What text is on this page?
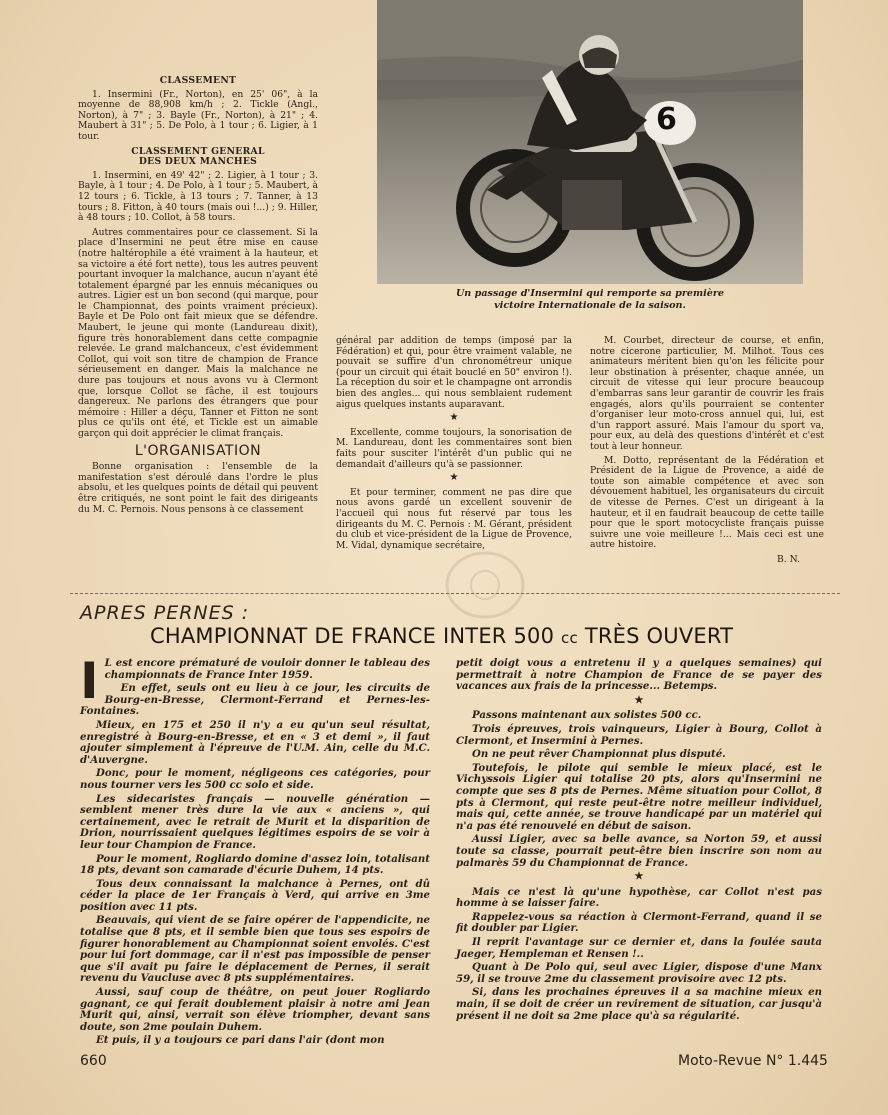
CLASSEMENT

1. Insermini (Fr., Norton), en 25' 06", à la moyenne de 88,908 km/h ; 2. Tickle (Angl., Norton), à 7" ; 3. Bayle (Fr., Norton), à 21" ; 4. Maubert à 31" ; 5. De Polo, à 1 tour ; 6. Ligier, à 1 tour.

CLASSEMENT GENERAL
DES DEUX MANCHES

1. Insermini, en 49' 42" ; 2. Ligier, à 1 tour ; 3. Bayle, à 1 tour ; 4. De Polo, à 1 tour ; 5. Maubert, à 12 tours ; 6. Tickle, à 13 tours ; 7. Tanner, à 13 tours ; 8. Fitton, à 40 tours (mais oui !...) ; 9. Hiller, à 48 tours ; 10. Collot, à 58 tours.

Autres commentaires pour ce classement. Si la place d'Insermini ne peut être mise en cause (notre haltérophile a été vraiment à la hauteur, et sa victoire a été fort nette), tous les autres peuvent pourtant invoquer la malchance, aucun n'ayant été totalement épargné par les ennuis mécaniques ou autres. Ligier est un bon second (qui marque, pour le Championnat, des points vraiment précieux). Bayle et De Polo ont fait mieux que se défendre. Maubert, le jeune qui monte (Landureau dixit), figure très honorablement dans cette compagnie relevée. Le grand malchanceux, c'est évidemment Collot, qui voit son titre de champion de France sérieusement en danger. Mais la malchance ne dure pas toujours et nous avons vu à Clermont que, lorsque Collot se fâche, il est toujours dangereux. Ne parlons des étrangers que pour mémoire : Hiller a déçu, Tanner et Fitton ne sont plus ce qu'ils ont été, et Tickle est un aimable garçon qui doit apprécier le climat français.

L'ORGANISATION

Bonne organisation : l'ensemble de la manifestation s'est déroulé dans l'ordre le plus absolu, et les quelques points de détail qui peuvent être critiqués, ne sont point le fait des dirigeants du M. C. Pernois. Nous pensons à ce classement

6
Un passage d'Insermini qui remporte sa première victoire Internationale de la saison.

général par addition de temps (imposé par la Fédération) et qui, pour être vraiment valable, ne pouvait se suffire d'un chronométreur unique (pour un circuit qui était bouclé en 50" environ !). La réception du soir et le champagne ont arrondis bien des angles... qui nous semblaient rudement aigus quelques instants auparavant.

★

Excellente, comme toujours, la sonorisation de M. Landureau, dont les commentaires sont bien faits pour susciter l'intérêt d'un public qui ne demandait d'ailleurs qu'à se passionner.

★

Et pour terminer, comment ne pas dire que nous avons gardé un excellent souvenir de l'accueil qui nous fut réservé par tous les dirigeants du M. C. Pernois : M. Gérant, président du club et vice-président de la Ligue de Provence, M. Vidal, dynamique secrétaire,

M. Courbet, directeur de course, et enfin, notre cicerone particulier, M. Milhot. Tous ces animateurs méritent bien qu'on les félicite pour leur obstination à présenter, chaque année, un circuit de vitesse qui leur procure beaucoup d'embarras sans leur garantir de couvrir les frais engagés, alors qu'ils pourraient se contenter d'organiser leur moto-cross annuel qui, lui, est d'un rapport assuré. Mais l'amour du sport va, pour eux, au delà des questions d'intérêt et c'est tout à leur honneur.

M. Dotto, représentant de la Fédération et Président de la Ligue de Provence, a aidé de toute son aimable compétence et avec son dévouement habituel, les organisateurs du circuit de vitesse de Pernes. C'est un dirigeant à la hauteur, et il en faudrait beaucoup de cette taille pour que le sport motocycliste français puisse suivre une voie meilleure !... Mais ceci est une autre histoire.

B. N.
APRES PERNES :
CHAMPIONNAT DE FRANCE INTER 500 cc TRÈS OUVERT
I L est encore prématuré de vouloir donner le tableau des championnats de France Inter 1959.

En effet, seuls ont eu lieu à ce jour, les circuits de Bourg-en-Bresse, Clermont-Ferrand et Pernes-les-Fontaines.

Mieux, en 175 et 250 il n'y a eu qu'un seul résultat, enregistré à Bourg-en-Bresse, et en « 3 et demi », il faut ajouter simplement à l'épreuve de l'U.M. Ain, celle du M.C. d'Auvergne.

Donc, pour le moment, négligeons ces catégories, pour nous tourner vers les 500 cc solo et side.

Les sidecaristes français — nouvelle génération — semblent mener très dure la vie aux « anciens », qui certainement, avec le retrait de Murit et la disparition de Drion, nourrissaient quelques légitimes espoirs de se voir à leur tour Champion de France.

Pour le moment, Rogliardo domine d'assez loin, totalisant 18 pts, devant son camarade d'écurie Duhem, 14 pts.

Tous deux connaissant la malchance à Pernes, ont dû céder la place de 1er Français à Verd, qui arrive en 3me position avec 11 pts.

Beauvais, qui vient de se faire opérer de l'appendicite, ne totalise que 8 pts, et il semble bien que tous ses espoirs de figurer honorablement au Championnat soient envolés. C'est pour lui fort dommage, car il n'est pas impossible de penser que s'il avait pu faire le déplacement de Pernes, il serait revenu du Vaucluse avec 8 pts supplémentaires.

Aussi, sauf coup de théâtre, on peut jouer Rogliardo gagnant, ce qui ferait doublement plaisir à notre ami Jean Murit qui, ainsi, verrait son élève triompher, devant sans doute, son 2me poulain Duhem.

Et puis, il y a toujours ce pari dans l'air (dont mon

petit doigt vous a entretenu il y a quelques semaines) qui permettrait à notre Champion de France de se payer des vacances aux frais de la princesse... Betemps.

★

Passons maintenant aux solistes 500 cc.

Trois épreuves, trois vainqueurs, Ligier à Bourg, Collot à Clermont, et Insermini à Pernes.

On ne peut rêver Championnat plus disputé.

Toutefois, le pilote qui semble le mieux placé, est le Vichyssois Ligier qui totalise 20 pts, alors qu'Insermini ne compte que ses 8 pts de Pernes. Même situation pour Collot, 8 pts à Clermont, qui reste peut-être notre meilleur individuel, mais qui, cette année, se trouve handicapé par un matériel qui n'a pas été renouvelé en début de saison.

Aussi Ligier, avec sa belle avance, sa Norton 59, et aussi toute sa classe, pourrait peut-être bien inscrire son nom au palmarès 59 du Championnat de France.

★

Mais ce n'est là qu'une hypothèse, car Collot n'est pas homme à se laisser faire.

Rappelez-vous sa réaction à Clermont-Ferrand, quand il se fit doubler par Ligier.

Il reprit l'avantage sur ce dernier et, dans la foulée sauta Jaeger, Hempleman et Rensen !..

Quant à De Polo qui, seul avec Ligier, dispose d'une Manx 59, il se trouve 2me du classement provisoire avec 12 pts.

Si, dans les prochaines épreuves il a sa machine mieux en main, il se doit de créer un revirement de situation, car jusqu'à présent il ne doit sa 2me place qu'à sa régularité.

660	Moto-Revue N° 1.445
